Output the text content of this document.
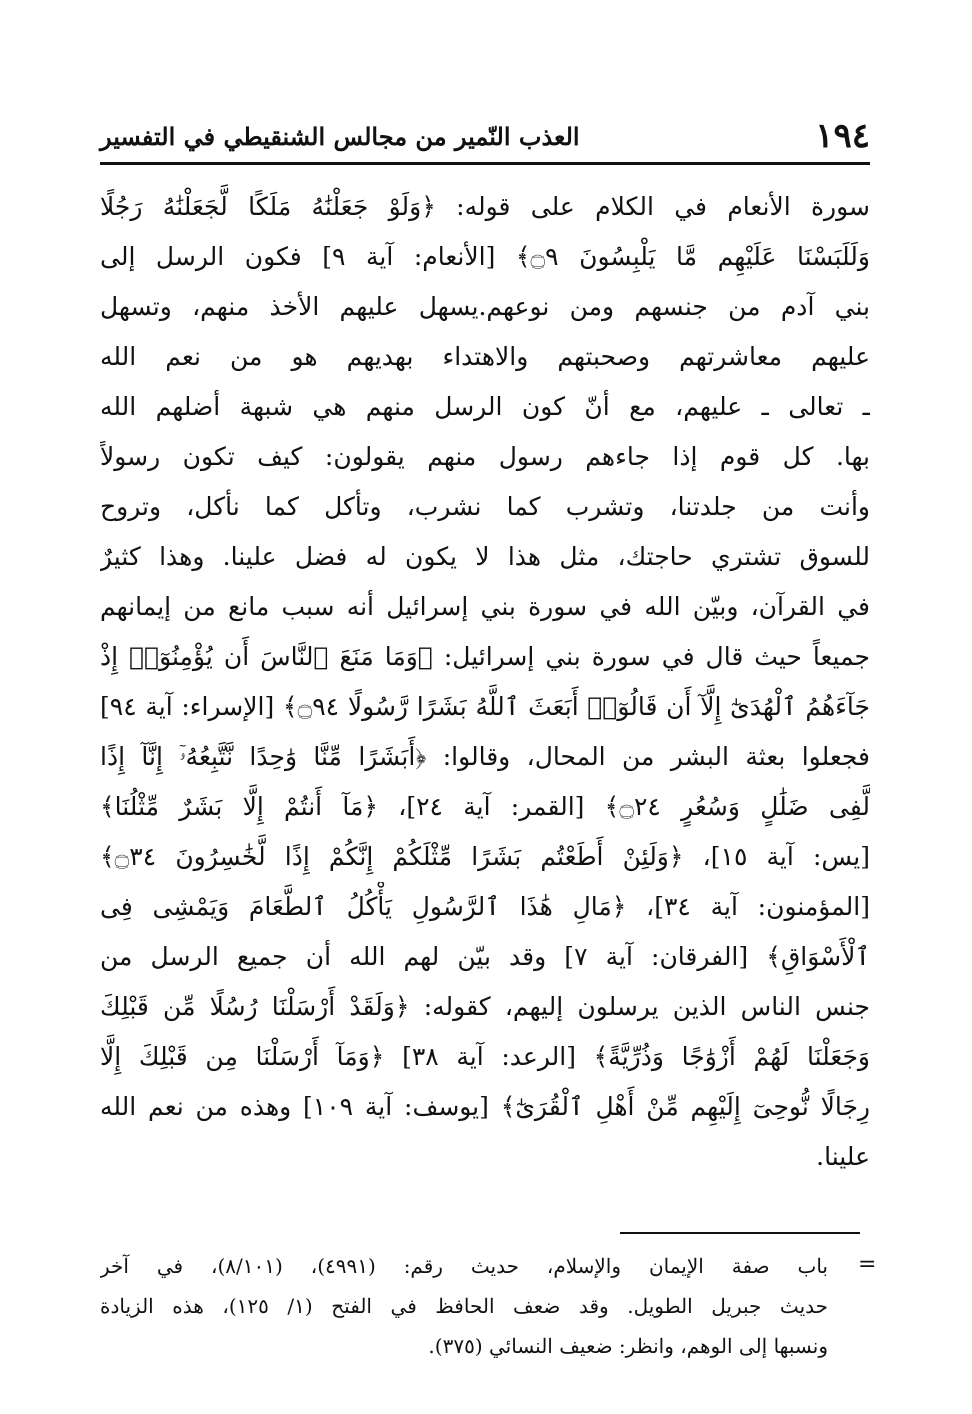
١٩٤
العذب النّمير من مجالس الشنقيطي في التفسير
سورة الأنعام في الكلام على قوله: ﴿وَلَوْ جَعَلْنَٰهُ مَلَكًا لَّجَعَلْنَٰهُ رَجُلًا
وَلَلَبَسْنَا عَلَيْهِم مَّا يَلْبِسُونَ ۝٩﴾ [الأنعام: آية ٩] فكون الرسل إلى
بني آدم من جنسهم ومن نوعهم.يسهل عليهم الأخذ منهم، وتسهل
عليهم معاشرتهم وصحبتهم والاهتداء بهديهم هو من نعم الله
ـ تعالى ـ عليهم، مع أنّ كون الرسل منهم هي شبهة أضلهم الله
بها. كل قوم إذا جاءهم رسول منهم يقولون: كيف تكون رسولاً
وأنت من جلدتنا، وتشرب كما نشرب، وتأكل كما نأكل، وتروح
للسوق تشتري حاجتك، مثل هذا لا يكون له فضل علينا. وهذا كثيرٌ
في القرآن، وبيّن الله في سورة بني إسرائيل أنه سبب مانع من إيمانهم
جميعاً حيث قال في سورة بني إسرائيل: ﴿وَمَا مَنَعَ ٱلنَّاسَ أَن يُؤْمِنُوٓا۟ إِذْ
جَآءَهُمُ ٱلْهُدَىٰٓ إِلَّآ أَن قَالُوٓا۟ أَبَعَثَ ٱللَّهُ بَشَرًا رَّسُولًا ۝٩٤﴾ [الإسراء: آية ٩٤]
فجعلوا بعثة البشر من المحال، وقالوا: ﴿أَبَشَرًا مِّنَّا وَٰحِدًا نَّتَّبِعُهُۥٓ إِنَّآ إِذًا
لَّفِى ضَلَٰلٍ وَسُعُرٍ ۝٢٤﴾ [القمر: آية ٢٤]، ﴿مَآ أَنتُمْ إِلَّا بَشَرٌ مِّثْلُنَا﴾
[يس: آية ١٥]، ﴿وَلَئِنْ أَطَعْتُم بَشَرًا مِّثْلَكُمْ إِنَّكُمْ إِذًا لَّخَٰسِرُونَ ۝٣٤﴾
[المؤمنون: آية ٣٤]، ﴿مَالِ هَٰذَا ٱلرَّسُولِ يَأْكُلُ ٱلطَّعَامَ وَيَمْشِى فِى
ٱلْأَسْوَاقِ﴾ [الفرقان: آية ٧] وقد بيّن لهم الله أن جميع الرسل من
جنس الناس الذين يرسلون إليهم، كقوله: ﴿وَلَقَدْ أَرْسَلْنَا رُسُلًا مِّن قَبْلِكَ
وَجَعَلْنَا لَهُمْ أَزْوَٰجًا وَذُرِّيَّةً﴾ [الرعد: آية ٣٨] ﴿وَمَآ أَرْسَلْنَا مِن قَبْلِكَ إِلَّا
رِجَالًا نُّوحِىٓ إِلَيْهِم مِّنْ أَهْلِ ٱلْقُرَىٰٓ﴾ [يوسف: آية ١٠٩] وهذه من نعم الله
علينا.
=
باب صفة الإيمان والإسلام، حديث رقم: (٤٩٩١)، (٨/١٠١)، في آخر
حديث جبريل الطويل. وقد ضعف الحافظ في الفتح (١/ ١٢٥)، هذه الزيادة
ونسبها إلى الوهم، وانظر: ضعيف النسائي (٣٧٥).
